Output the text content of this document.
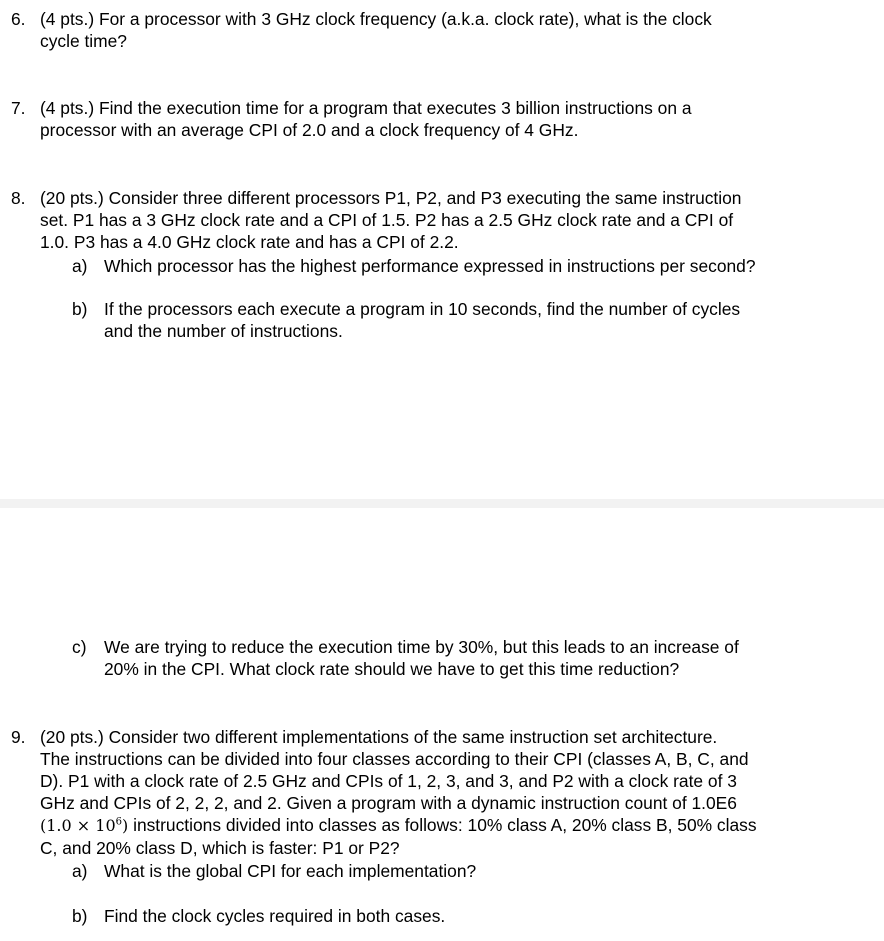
6. (4 pts.) For a processor with 3 GHz clock frequency (a.k.a. clock rate), what is the clock
cycle time?
7. (4 pts.) Find the execution time for a program that executes 3 billion instructions on a
processor with an average CPI of 2.0 and a clock frequency of 4 GHz.
8. (20 pts.) Consider three different processors P1, P2, and P3 executing the same instruction
set. P1 has a 3 GHz clock rate and a CPI of 1.5. P2 has a 2.5 GHz clock rate and a CPI of
1.0. P3 has a 4.0 GHz clock rate and has a CPI of 2.2.
a) Which processor has the highest performance expressed in instructions per second?
b) If the processors each execute a program in 10 seconds, find the number of cycles
and the number of instructions.
c) We are trying to reduce the execution time by 30%, but this leads to an increase of
20% in the CPI. What clock rate should we have to get this time reduction?
9. (20 pts.) Consider two different implementations of the same instruction set architecture.
The instructions can be divided into four classes according to their CPI (classes A, B, C, and
D). P1 with a clock rate of 2.5 GHz and CPIs of 1, 2, 3, and 3, and P2 with a clock rate of 3
GHz and CPIs of 2, 2, 2, and 2. Given a program with a dynamic instruction count of 1.0E6
$(1.0 \times 10^6)$ instructions divided into classes as follows: 10% class A, 20% class B, 50% class
C, and 20% class D, which is faster: P1 or P2?
a) What is the global CPI for each implementation?
b) Find the clock cycles required in both cases.
